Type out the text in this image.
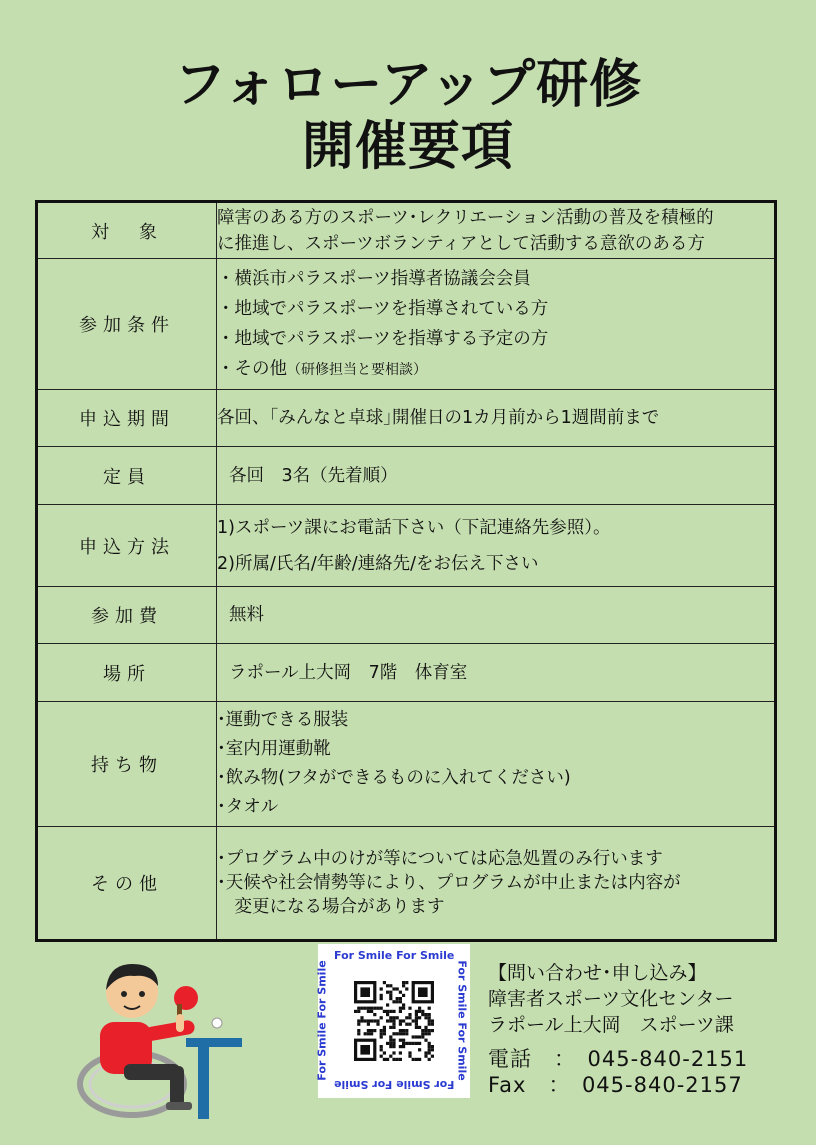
フォローアップ研修
開催要項
対　象	障害のある方のスポーツ･レクリエーション活動の普及を積極的
に推進し、スポーツボランティアとして活動する意欲のある方

参加条件	・横浜市パラスポーツ指導者協議会会員
・地域でパラスポーツを指導されている方
・地域でパラスポーツを指導する予定の方
・その他（研修担当と要相談）

申込期間	各回、｢みんなと卓球｣開催日の1カ月前から1週間前まで

定員	各回　3名（先着順）

申込方法	1)スポーツ課にお電話下さい（下記連絡先参照）。
2)所属/氏名/年齢/連絡先/をお伝え下さい

参加費	無料

場所	ラポール上大岡　7階　体育室

持ち物	･運動できる服装
･室内用運動靴
･飲み物(フタができるものに入れてください)
･タオル

その他	･プログラム中のけが等については応急処置のみ行います
･天候や社会情勢等により、プログラムが中止または内容が
　変更になる場合があります
For Smile For Smile
For Smile For Smile
For Smile For Smile	For Smile For Smile 【問い合わせ･申し込み】
障害者スポーツ文化センター
ラポール上大岡　スポーツ課
電話　：　045-840-2151
Fax　：　045-840-2157
